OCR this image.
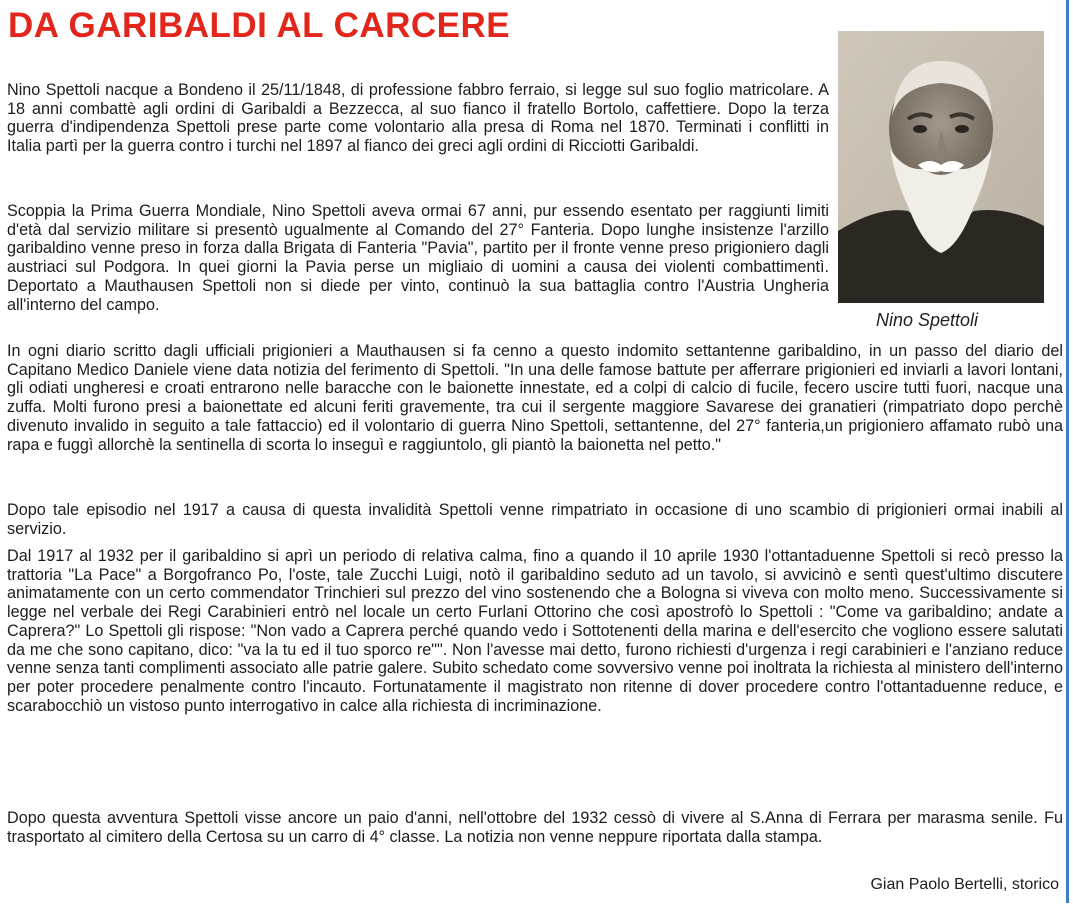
DA GARIBALDI AL CARCERE
Nino Spettoli

Nino Spettoli nacque a Bondeno il 25/11/1848, di professione fabbro ferraio, si legge sul suo foglio matricolare. A 18 anni combattè agli ordini di Garibaldi a Bezzecca, al suo fianco il fratello Bortolo, caffettiere. Dopo la terza guerra d'indipendenza Spettoli prese parte come volontario alla presa di Roma nel 1870. Terminati i conflitti in Italia partì per la guerra contro i turchi nel 1897 al fianco dei greci agli ordini di Ricciotti Garibaldi.

Scoppia la Prima Guerra Mondiale, Nino Spettoli aveva ormai 67 anni, pur essendo esentato per raggiunti limiti d'età dal servizio militare si presentò ugualmente al Comando del 27° Fanteria. Dopo lunghe insistenze l'arzillo garibaldino venne preso in forza dalla Brigata di Fanteria "Pavia", partito per il fronte venne preso prigioniero dagli austriaci sul Podgora. In quei giorni la Pavia perse un migliaio di uomini a causa dei violenti combattimentì. Deportato a Mauthausen Spettoli non si diede per vinto, continuò la sua battaglia contro l'Austria Ungheria all'interno del campo.

In ogni diario scritto dagli ufficiali prigionieri a Mauthausen si fa cenno a questo indomito settantenne garibaldino, in un passo del diario del Capitano Medico Daniele viene data notizia del ferimento di Spettoli. "In una delle famose battute per afferrare prigionieri ed inviarli a lavori lontani, gli odiati ungheresi e croati entrarono nelle baracche con le baionette innestate, ed a colpi di calcio di fucile, fecero uscire tutti fuori, nacque una zuffa. Molti furono presi a baionettate ed alcuni feriti gravemente, tra cui il sergente maggiore Savarese dei granatieri (rimpatriato dopo perchè divenuto invalido in seguito a tale fattaccio) ed il volontario di guerra Nino Spettoli, settantenne, del 27° fanteria,un prigioniero affamato rubò una rapa e fuggì allorchè la sentinella di scorta lo inseguì e raggiuntolo, gli piantò la baionetta nel petto."

Dopo tale episodio nel 1917 a causa di questa invalidità Spettoli venne rimpatriato in occasione di uno scambio di prigionieri ormai inabili al servizio.

Dal 1917 al 1932 per il garibaldino si aprì un periodo di relativa calma, fino a quando il 10 aprile 1930 l'ottantaduenne Spettoli si recò presso la trattoria "La Pace" a Borgofranco Po, l'oste, tale Zucchi Luigi, notò il garibaldino seduto ad un tavolo, si avvicinò e sentì quest'ultimo discutere animatamente con un certo commendator Trinchieri sul prezzo del vino sostenendo che a Bologna si viveva con molto meno. Successivamente si legge nel verbale dei Regi Carabinieri entrò nel locale un certo Furlani Ottorino che così apostrofò lo Spettoli : "Come va garibaldino; andate a Caprera?" Lo Spettoli gli rispose: "Non vado a Caprera perché quando vedo i Sottotenenti della marina e dell'esercito che vogliono essere salutati da me che sono capitano, dico: "va la tu ed il tuo sporco re"". Non l'avesse mai detto, furono richiesti d'urgenza i regi carabinieri e l'anziano reduce venne senza tanti complimenti associato alle patrie galere. Subito schedato come sovversivo venne poi inoltrata la richiesta al ministero dell'interno per poter procedere penalmente contro l'incauto. Fortunatamente il magistrato non ritenne di dover procedere contro l'ottantaduenne reduce, e scarabocchiò un vistoso punto interrogativo in calce alla richiesta di incriminazione.

Dopo questa avventura Spettoli visse ancore un paio d'anni, nell'ottobre del 1932 cessò di vivere al S.Anna di Ferrara per marasma senile. Fu trasportato al cimitero della Certosa su un carro di 4° classe. La notizia non venne neppure riportata dalla stampa.

Gian Paolo Bertelli, storico
